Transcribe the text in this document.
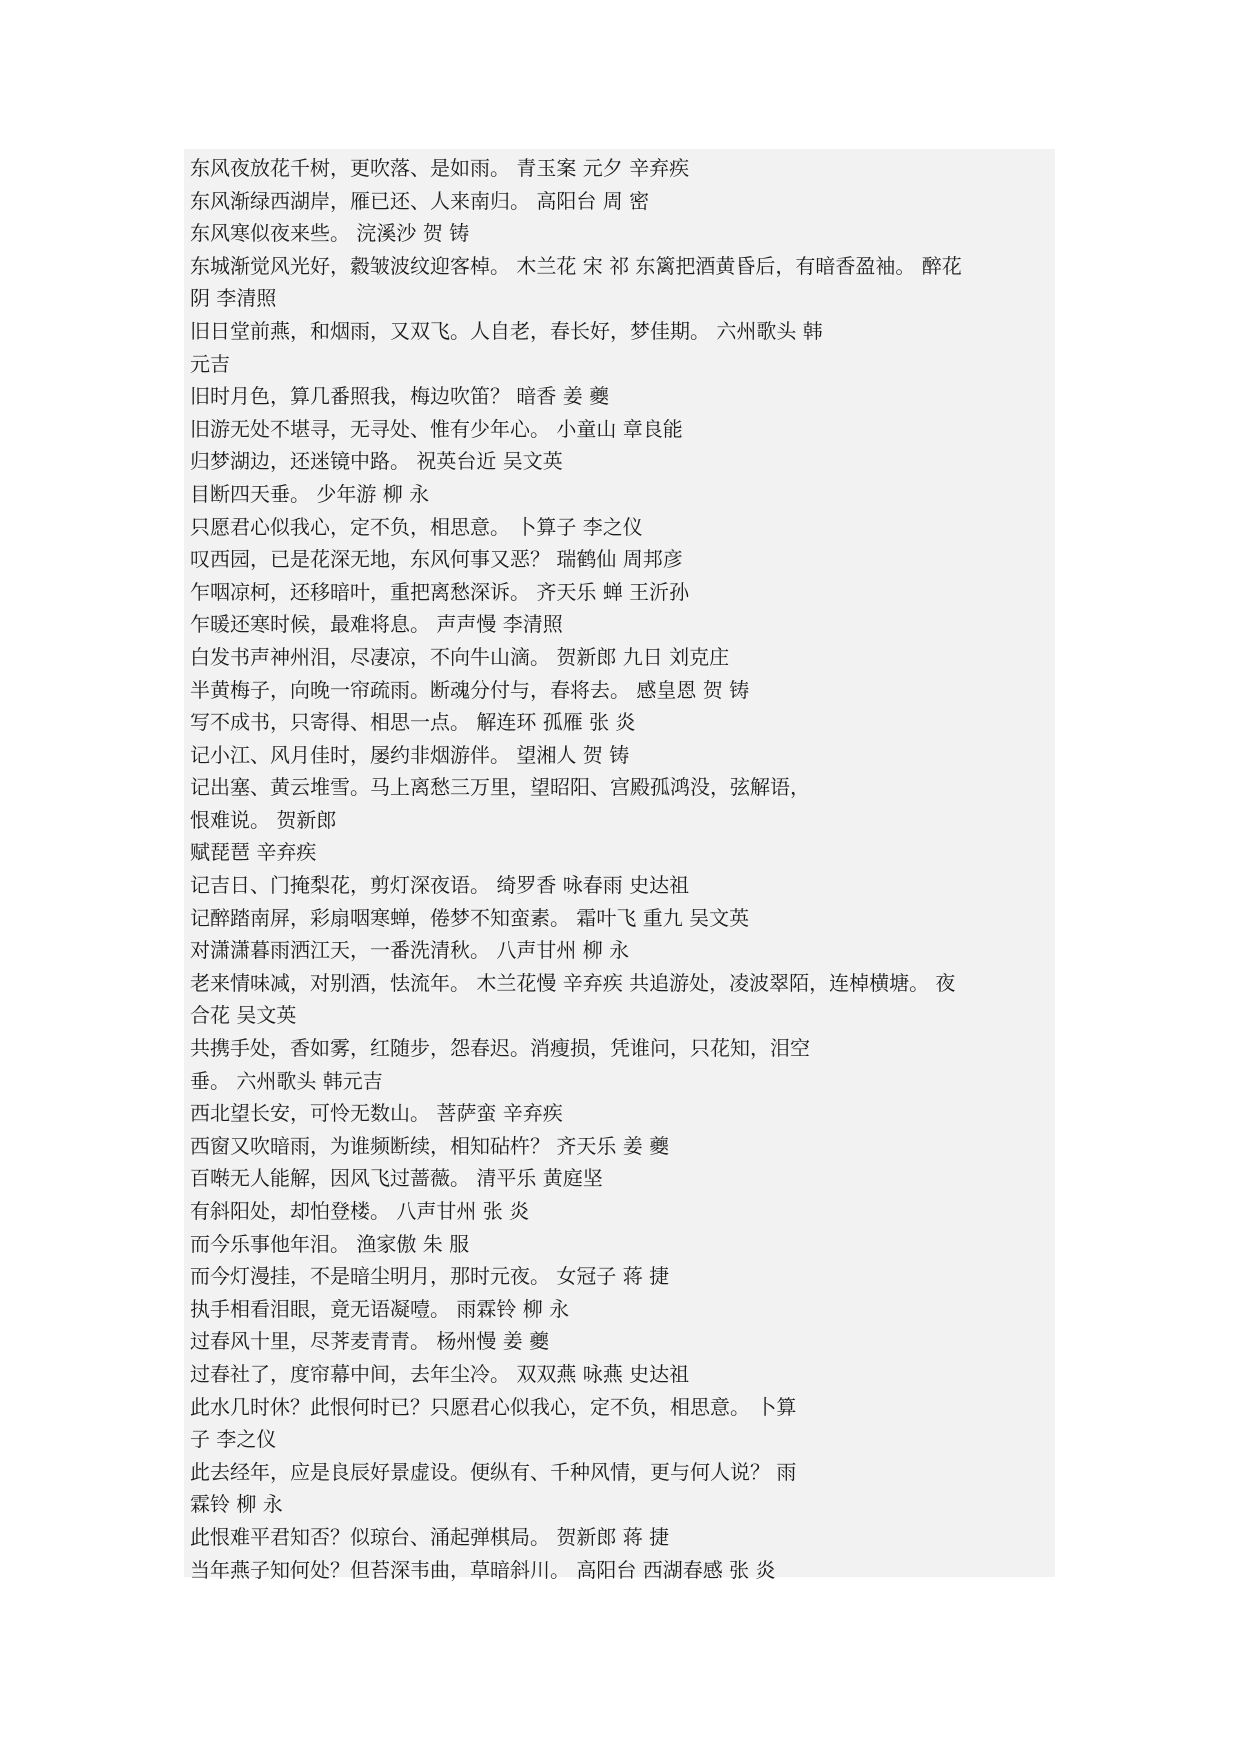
东风夜放花千树，更吹落、是如雨。 青玉案 元夕 辛弃疾
东风渐绿西湖岸，雁已还、人来南归。 高阳台 周 密
东风寒似夜来些。 浣溪沙 贺 铸
东城渐觉风光好，縠皱波纹迎客棹。 木兰花 宋 祁 东篱把酒黄昏后，有暗香盈袖。 醉花
阴 李清照
旧日堂前燕，和烟雨，又双飞。人自老，春长好，梦佳期。 六州歌头 韩
元吉
旧时月色，算几番照我，梅边吹笛？ 暗香 姜 夔
旧游无处不堪寻，无寻处、惟有少年心。 小童山 章良能
归梦湖边，还迷镜中路。 祝英台近 吴文英
目断四天垂。 少年游 柳 永
只愿君心似我心，定不负，相思意。 卜算子 李之仪
叹西园，已是花深无地，东风何事又恶？ 瑞鹤仙 周邦彦
乍咽凉柯，还移暗叶，重把离愁深诉。 齐天乐 蝉 王沂孙
乍暖还寒时候，最难将息。 声声慢 李清照
白发书声神州泪，尽凄凉，不向牛山滴。 贺新郎 九日 刘克庄
半黄梅子，向晚一帘疏雨。断魂分付与，春将去。 感皇恩 贺 铸
写不成书，只寄得、相思一点。 解连环 孤雁 张 炎
记小江、风月佳时，屡约非烟游伴。 望湘人 贺 铸
记出塞、黄云堆雪。马上离愁三万里，望昭阳、宫殿孤鸿没，弦解语，
恨难说。 贺新郎
赋琵琶 辛弃疾
记吉日、门掩梨花，剪灯深夜语。 绮罗香 咏春雨 史达祖
记醉踏南屏，彩扇咽寒蝉，倦梦不知蛮素。 霜叶飞 重九 吴文英
对潇潇暮雨洒江天，一番洗清秋。 八声甘州 柳 永
老来情味减，对别酒，怯流年。 木兰花慢 辛弃疾 共追游处，凌波翠陌，连棹横塘。 夜
合花 吴文英
共携手处，香如雾，红随步，怨春迟。消瘦损，凭谁问，只花知，泪空
垂。 六州歌头 韩元吉
西北望长安，可怜无数山。 菩萨蛮 辛弃疾
西窗又吹暗雨，为谁频断续，相知砧杵？ 齐天乐 姜 夔
百啭无人能解，因风飞过蔷薇。 清平乐 黄庭坚
有斜阳处，却怕登楼。 八声甘州 张 炎
而今乐事他年泪。 渔家傲 朱 服
而今灯漫挂，不是暗尘明月，那时元夜。 女冠子 蒋 捷
执手相看泪眼，竟无语凝噎。 雨霖铃 柳 永
过春风十里，尽荠麦青青。 杨州慢 姜 夔
过春社了，度帘幕中间，去年尘冷。 双双燕 咏燕 史达祖
此水几时休？此恨何时已？只愿君心似我心，定不负，相思意。 卜算
子 李之仪
此去经年，应是良辰好景虚设。便纵有、千种风情，更与何人说？ 雨
霖铃 柳 永
此恨难平君知否？似琼台、涌起弹棋局。 贺新郎 蒋 捷
当年燕子知何处？但苔深韦曲，草暗斜川。 高阳台 西湖春感 张 炎
